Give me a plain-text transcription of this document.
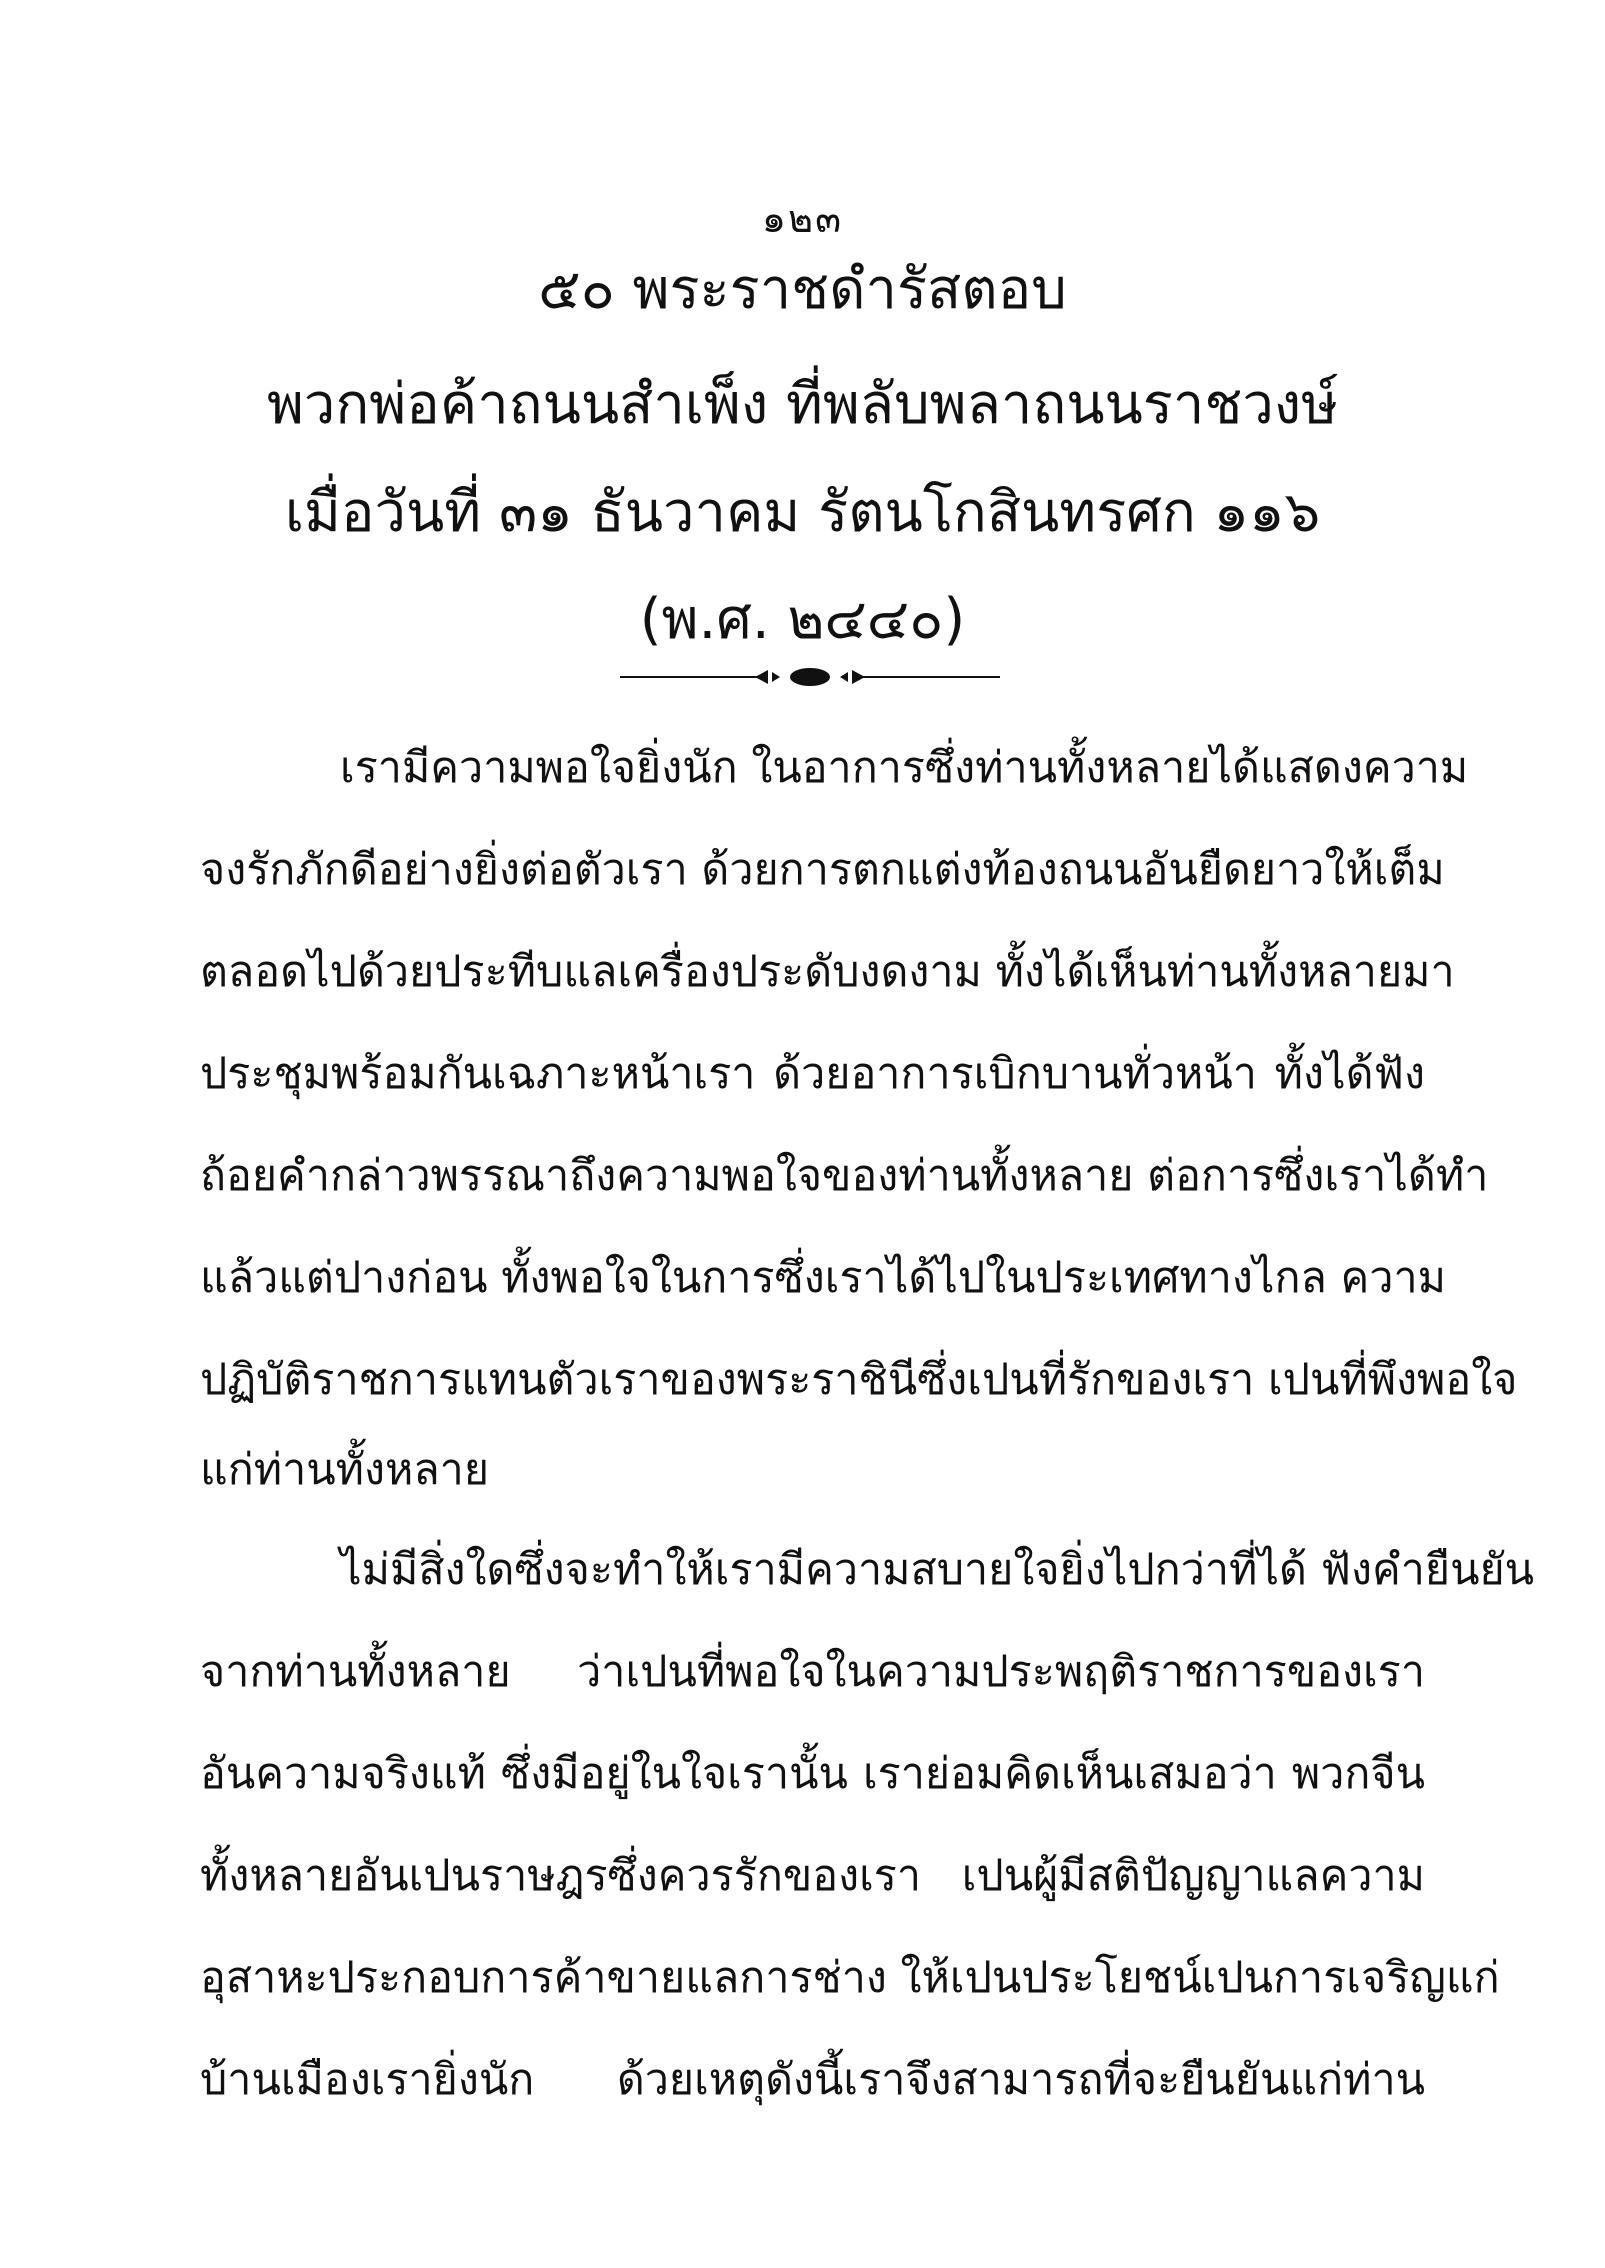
๑๒๓
๕๐ พระราชดำรัสตอบ
พวกพ่อค้าถนนสำเพ็ง ที่พลับพลาถนนราชวงษ์
เมื่อวันที่ ๓๑ ธันวาคม รัตนโกสินทรศก ๑๑๖
(พ.ศ. ๒๔๔๐)
เรามีความพอใจยิ่งนัก ในอาการซึ่งท่านทั้งหลายได้แสดงความ
จงรักภักดีอย่างยิ่งต่อตัวเรา ด้วยการตกแต่งท้องถนนอันยืดยาวให้เต็ม
ตลอดไปด้วยประทีบแลเครื่องประดับงดงาม ทั้งได้เห็นท่านทั้งหลายมา
ประชุมพร้อมกันเฉภาะหน้าเรา ด้วยอาการเบิกบานทั่วหน้า ทั้งได้ฟัง
ถ้อยคำกล่าวพรรณาถึงความพอใจของท่านทั้งหลาย ต่อการซึ่งเราได้ทำ
แล้วแต่ปางก่อน ทั้งพอใจในการซึ่งเราได้ไปในประเทศทางไกล ความ
ปฏิบัติราชการแทนตัวเราของพระราชินีซึ่งเปนที่รักของเรา เปนที่พึงพอใจ
แก่ท่านทั้งหลาย
ไม่มีสิ่งใดซึ่งจะทำให้เรามีความสบายใจยิ่งไปกว่าที่ได้ ฟังคำยืนยัน
จากท่านทั้งหลาย ว่าเปนที่พอใจในความประพฤติราชการของเรา
อันความจริงแท้ ซึ่งมีอยู่ในใจเรานั้น เราย่อมคิดเห็นเสมอว่า พวกจีน
ทั้งหลายอันเปนราษฎรซึ่งควรรักของเรา เปนผู้มีสติปัญญาแลความ
อุสาหะประกอบการค้าขายแลการช่าง ให้เปนประโยชน์เปนการเจริญแก่
บ้านเมืองเรายิ่งนัก ด้วยเหตุดังนี้เราจึงสามารถที่จะยืนยันแก่ท่าน
